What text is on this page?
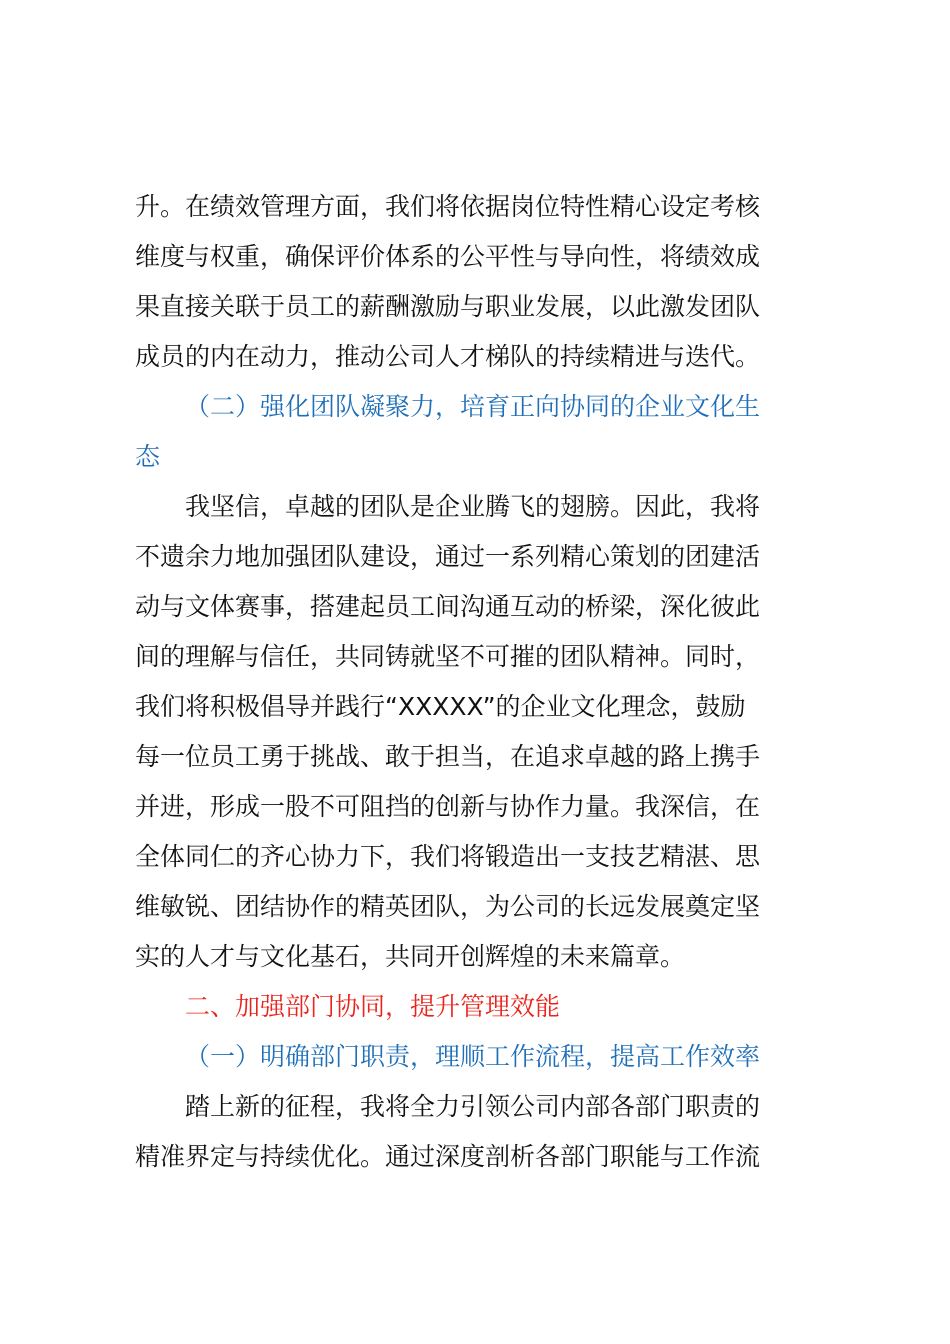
升。在绩效管理方面，我们将依据岗位特性精心设定考核
维度与权重，确保评价体系的公平性与导向性，将绩效成
果直接关联于员工的薪酬激励与职业发展，以此激发团队
成员的内在动力，推动公司人才梯队的持续精进与迭代。
（二）强化团队凝聚力，培育正向协同的企业文化生
态
我坚信，卓越的团队是企业腾飞的翅膀。因此，我将
不遗余力地加强团队建设，通过一系列精心策划的团建活
动与文体赛事，搭建起员工间沟通互动的桥梁，深化彼此
间的理解与信任，共同铸就坚不可摧的团队精神。同时，
我们将积极倡导并践行“XXXXX”的企业文化理念，鼓励
每一位员工勇于挑战、敢于担当，在追求卓越的路上携手
并进，形成一股不可阻挡的创新与协作力量。我深信，在
全体同仁的齐心协力下，我们将锻造出一支技艺精湛、思
维敏锐、团结协作的精英团队，为公司的长远发展奠定坚
实的人才与文化基石，共同开创辉煌的未来篇章。
二、加强部门协同，提升管理效能
（一）明确部门职责，理顺工作流程，提高工作效率
踏上新的征程，我将全力引领公司内部各部门职责的
精准界定与持续优化。通过深度剖析各部门职能与工作流
